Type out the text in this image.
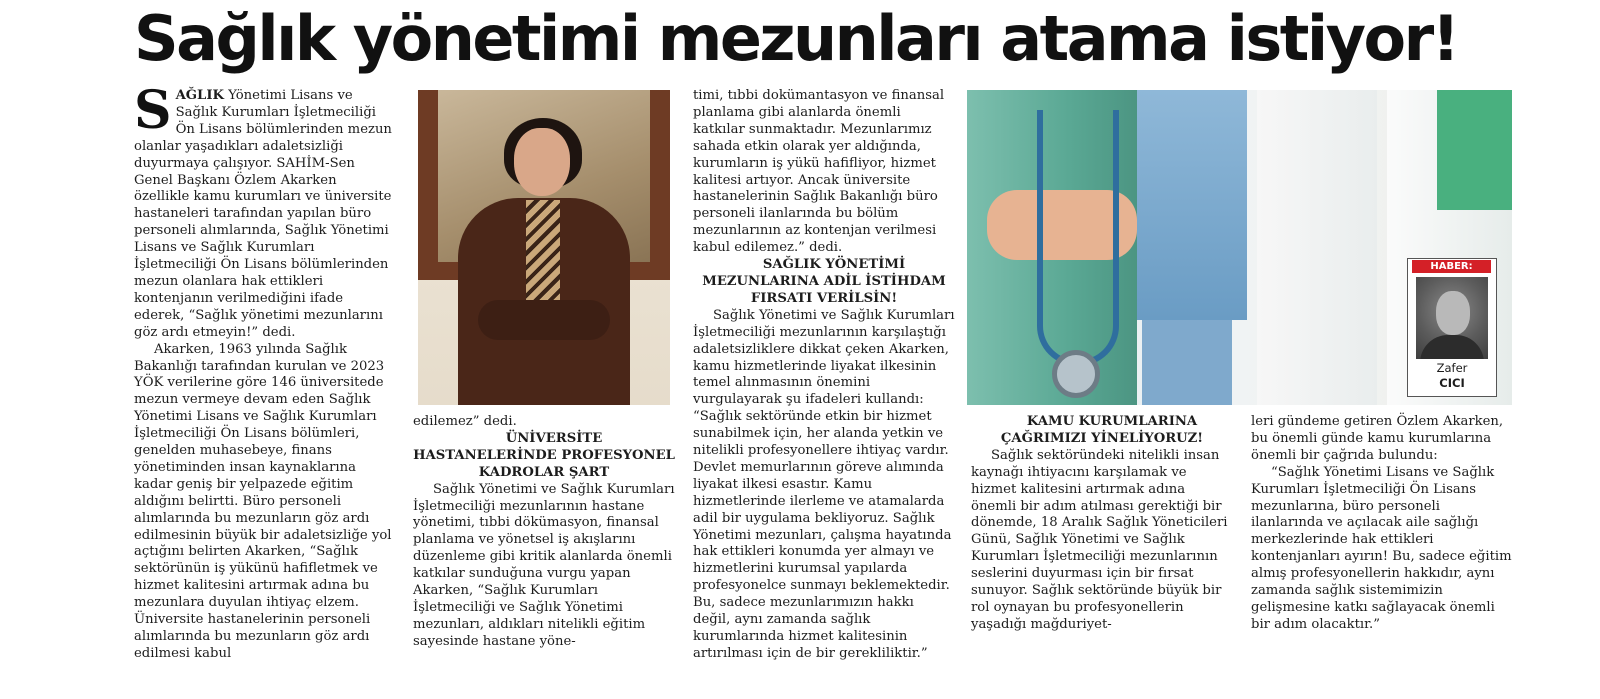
Sağlık yönetimi mezunları atama istiyor!

SAĞLIK Yönetimi Lisans ve Sağlık Kurumları İşletmeciliği Ön Lisans bölümlerinden mezun olanlar yaşadıkları adaletsizliği duyurmaya çalışıyor. SAHİM-Sen Genel Başkanı Özlem Akarken özellikle kamu kurumları ve üniversite hastaneleri tarafından yapılan büro personeli alımlarında, Sağlık Yönetimi Lisans ve Sağlık Kurumları İşletmeciliği Ön Lisans bölümlerinden mezun olanlara hak ettikleri kontenjanın verilmediğini ifade ederek, “Sağlık yönetimi mezunlarını göz ardı etmeyin!” dedi.

Akarken, 1963 yılında Sağlık Bakanlığı tarafından kurulan ve 2023 YÖK verilerine göre 146 üniversitede mezun vermeye devam eden Sağlık Yönetimi Lisans ve Sağlık Kurumları İşletmeciliği Ön Lisans bölümleri, genelden muhasebeye, finans yönetiminden insan kaynaklarına kadar geniş bir yelpazede eğitim aldığını belirtti. Büro personeli alımlarında bu mezunların göz ardı edilmesinin büyük bir adaletsizliğe yol açtığını belirten Akarken, “Sağlık sektörünün iş yükünü hafifletmek ve hizmet kalitesini artırmak adına bu mezunlara duyulan ihtiyaç elzem. Üniversite hastanelerinin personeli alımlarında bu mezunların göz ardı edilmesi kabul

edilemez” dedi.

ÜNİVERSİTE HASTANELERİNDE PROFESYONEL KADROLAR ŞART

Sağlık Yönetimi ve Sağlık Kurumları İşletmeciliği mezunlarının hastane yönetimi, tıbbi dökümasyon, finansal planlama ve yönetsel iş akışlarını düzenleme gibi kritik alanlarda önemli katkılar sunduğuna vurgu yapan Akarken, “Sağlık Kurumları İşletmeciliği ve Sağlık Yönetimi mezunları, aldıkları nitelikli eğitim sayesinde hastane yöne-

timi, tıbbi dokümantasyon ve finansal planlama gibi alanlarda önemli katkılar sunmaktadır. Mezunlarımız sahada etkin olarak yer aldığında, kurumların iş yükü hafifliyor, hizmet kalitesi artıyor. Ancak üniversite hastanelerinin Sağlık Bakanlığı büro personeli ilanlarında bu bölüm mezunlarının az kontenjan verilmesi kabul edilemez.” dedi.

SAĞLIK YÖNETİMİ MEZUNLARINA ADİL İSTİHDAM FIRSATI VERİLSİN!

Sağlık Yönetimi ve Sağlık Kurumları İşletmeciliği mezunlarının karşılaştığı adaletsizliklere dikkat çeken Akarken, kamu hizmetlerinde liyakat ilkesinin temel alınmasının önemini vurgulayarak şu ifadeleri kullandı: “Sağlık sektöründe etkin bir hizmet sunabilmek için, her alanda yetkin ve nitelikli profesyonellere ihtiyaç vardır. Devlet memurlarının göreve alımında liyakat ilkesi esastır. Kamu hizmetlerinde ilerleme ve atamalarda adil bir uygulama bekliyoruz. Sağlık Yönetimi mezunları, çalışma hayatında hak ettikleri konumda yer almayı ve hizmetlerini kurumsal yapılarda profesyonelce sunmayı beklemektedir. Bu, sadece mezunlarımızın hakkı değil, aynı zamanda sağlık kurumlarında hizmet kalitesinin artırılması için de bir gerekliliktir.”

HABER:
Zafer
CICI

KAMU KURUMLARINA ÇAĞRIMIZI YİNELİYORUZ!

Sağlık sektöründeki nitelikli insan kaynağı ihtiyacını karşılamak ve hizmet kalitesini artırmak adına önemli bir adım atılması gerektiği bir dönemde, 18 Aralık Sağlık Yöneticileri Günü, Sağlık Yönetimi ve Sağlık Kurumları İşletmeciliği mezunlarının seslerini duyurması için bir fırsat sunuyor. Sağlık sektöründe büyük bir rol oynayan bu profesyonellerin yaşadığı mağduriyet-

leri gündeme getiren Özlem Akarken, bu önemli günde kamu kurumlarına önemli bir çağrıda bulundu:

“Sağlık Yönetimi Lisans ve Sağlık Kurumları İşletmeciliği Ön Lisans mezunlarına, büro personeli ilanlarında ve açılacak aile sağlığı merkezlerinde hak ettikleri kontenjanları ayırın! Bu, sadece eğitim almış profesyonellerin hakkıdır, aynı zamanda sağlık sistemimizin gelişmesine katkı sağlayacak önemli bir adım olacaktır.”
